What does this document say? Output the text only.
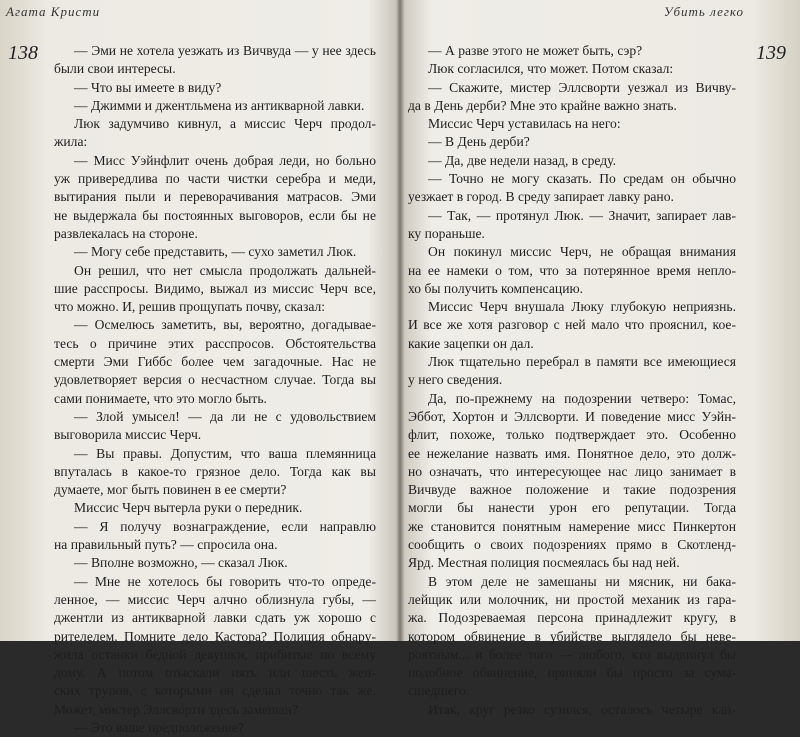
Агата Кристи
138	— Эми не хотела уезжать из Вичвуда — у нее здесь
были свои интересы.
— Что вы имеете в виду?
— Джимми и джентльмена из антикварной лавки.
Люк задумчиво кивнул, а миссис Черч продол-
жила:
— Мисс Уэйнфлит очень добрая леди, но больно
уж привередлива по части чистки серебра и меди,
вытирания пыли и переворачивания матрасов. Эми
не выдержала бы постоянных выговоров, если бы не
развлекалась на стороне.
— Могу себе представить, — сухо заметил Люк.
Он решил, что нет смысла продолжать дальней-
шие расспросы. Видимо, выжал из миссис Черч все,
что можно. И, решив прощупать почву, сказал:
— Осмелюсь заметить, вы, вероятно, догадывае-
тесь о причине этих расспросов. Обстоятельства
смерти Эми Гиббс более чем загадочные. Нас не
удовлетворяет версия о несчастном случае. Тогда вы
сами понимаете, что это могло быть.
— Злой умысел! — да ли не с удовольствием
выговорила миссис Черч.
— Вы правы. Допустим, что ваша племянница
впуталась в какое-то грязное дело. Тогда как вы
думаете, мог быть повинен в ее смерти?
Миссис Черч вытерла руки о передник.
— Я получу вознаграждение, если направлю
на правильный путь? — спросила она.
— Вполне возможно, — сказал Люк.
— Мне не хотелось бы говорить что-то опреде-
ленное, — миссис Черч алчно облизнула губы, —
джентли из антикварной лавки сдать уж хорошо с
рителелем. Помните дело Кастора? Полиция обнару-
жила останки бедной девушки, прибитые по всему
дому. А потом отыскали пять или шесть жен-
ских трупов, с которыми он сделал точно так же.
Может, мистер Эллсворти здесь замешан?
— Это ваше предположение?
Убить легко
139
— А разве этого не может быть, сэр?
Люк согласился, что может. Потом сказал:
— Скажите, мистер Эллсворти уезжал из Вичву-
да в День дерби? Мне это крайне важно знать.
Миссис Черч уставилась на него:
— В День дерби?
— Да, две недели назад, в среду.
— Точно не могу сказать. По средам он обычно
уезжает в город. В среду запирает лавку рано.
— Так, — протянул Люк. — Значит, запирает лав-
ку пораньше.
Он покинул миссис Черч, не обращая внимания
на ее намеки о том, что за потерянное время непло-
хо бы получить компенсацию.
Миссис Черч внушала Люку глубокую неприязнь.
И все же хотя разговор с ней мало что прояснил, кое-
какие зацепки он дал.
Люк тщательно перебрал в памяти все имеющиеся
у него сведения.
Да, по-прежнему на подозрении четверо: Томас,
Эббот, Хортон и Эллсворти. И поведение мисс Уэйн-
флит, похоже, только подтверждает это. Особенно
ее нежелание назвать имя. Понятное дело, это долж-
но означать, что интересующее нас лицо занимает в
Вичвуде важное положение и такие подозрения
могли бы нанести урон его репутации. Тогда
же становится понятным намерение мисс Пинкертон
сообщить о своих подозрениях прямо в Скотленд-
Ярд. Местная полиция посмеялась бы над ней.
В этом деле не замешаны ни мясник, ни бака-
лейщик или молочник, ни простой механик из гара-
жа. Подозреваемая персона принадлежит кругу, в
котором обвинение в убийстве выглядело бы невe-
роятным... и более того — любого, кто выдвинул бы
подобное обвинение, приняли бы просто за сума-
сшедшего.
Итак, круг резко сузился, осталось четыре кан-
